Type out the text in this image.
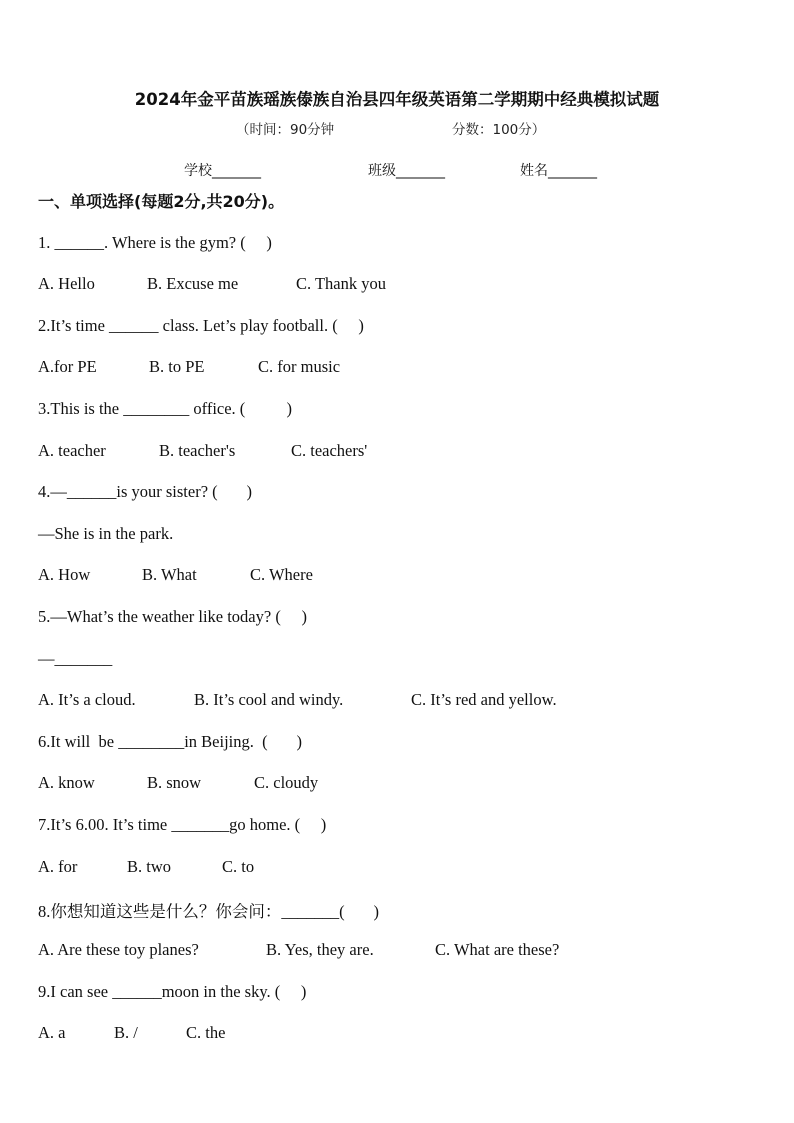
2024年金平苗族瑶族傣族自治县四年级英语第二学期期中经典模拟试题
（时间：90分钟	分数：100分）
学校_______	班级_______	姓名_______
一、单项选择(每题2分,共20分)。
1. ______. Where is the gym? (     )
A. Hello	B. Excuse me	C. Thank you
2.It’s time ______ class. Let’s play football. (     )
A.for PE	B. to PE	C. for music
3.This is the ________ office. (          )
A. teacher	B. teacher's	C. teachers'
4.—______is your sister? (       )
—She is in the park.
A. How	B. What	C. Where
5.—What’s the weather like today? (     )
—_______
A. It’s a cloud.	B. It’s cool and windy.	C. It’s red and yellow.
6.It will  be ________in Beijing.  (       )
A. know	B. snow	C. cloudy
7.It’s 6.00. It’s time _______go home. (     )
A. for	B. two	C. to
8.你想知道这些是什么？你会问：_______(       )
A. Are these toy planes?	B. Yes, they are.	C. What are these?
9.I can see ______moon in the sky. (     )
A. a	B. /	C. the
